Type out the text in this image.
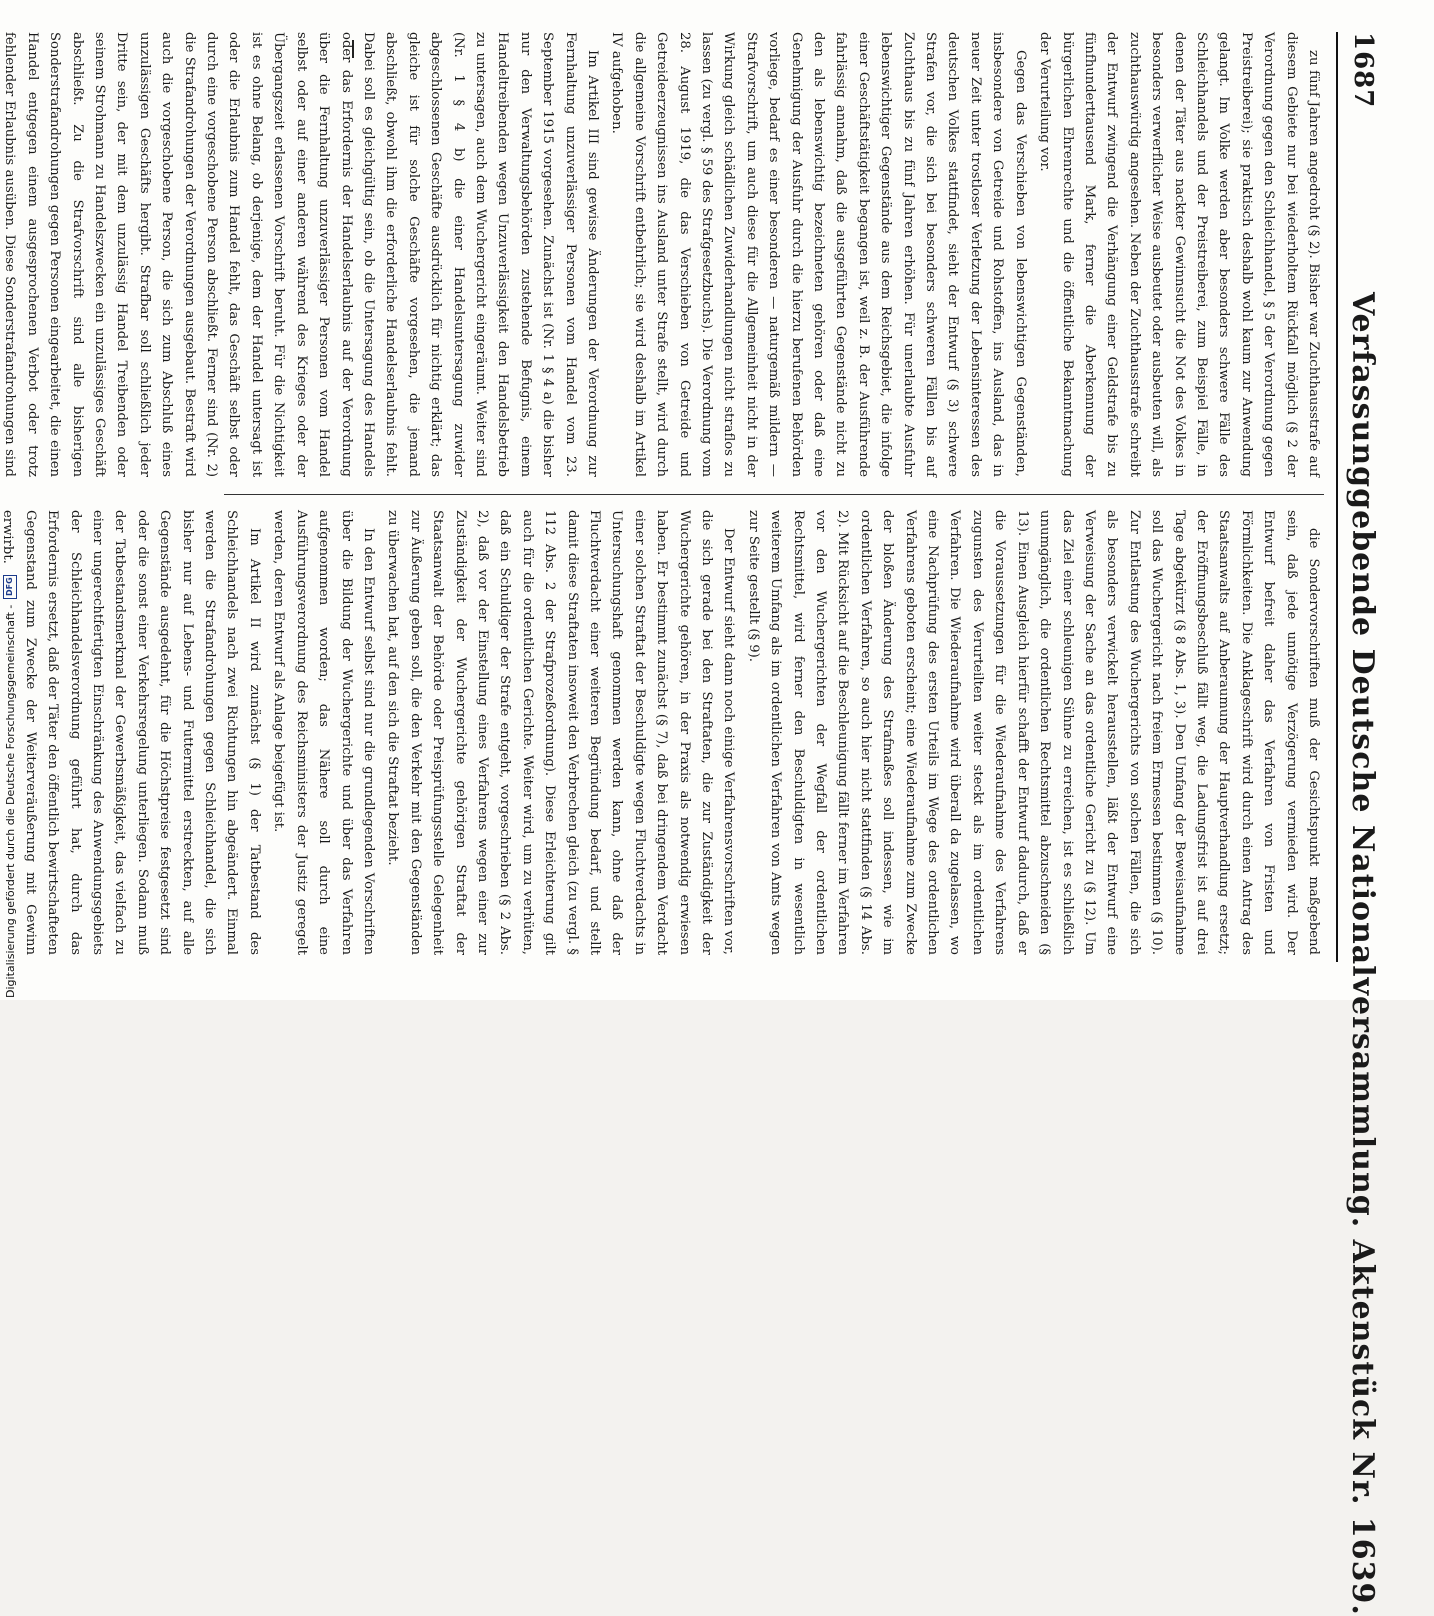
1687
Verfassunggebende Deutsche Nationalversammlung. Aktenstück Nr. 1639.

zu fünf Jahren angedroht (§ 2). Bisher war Zuchthausstrafe auf diesem Gebiete nur bei wiederholtem Rückfall möglich (§ 2 der Verordnung gegen den Schleichhandel, § 5 der Verordnung gegen Preistreiberei); sie praktisch deshalb wohl kaum zur Anwendung gelangt. Im Volke werden aber besonders schwere Fälle des Schleichhandels und der Preistreiberei, zum Beispiel Fälle, in denen der Täter aus nackter Gewinnsucht die Not des Volkes in besonders verwerflicher Weise ausbeutet oder ausbeuten will, als zuchthauswürdig angesehen. Neben der Zuchthausstrafe schreibt der Entwurf zwingend die Verhängung einer Geldstrafe bis zu fünfhunderttausend Mark, ferner die Aberkennung der bürgerlichen Ehrenrechte und die öffentliche Bekanntmachung der Verurteilung vor.

Gegen das Verschieben von lebenswichtigen Gegenständen, insbesondere von Getreide und Rohstoffen, ins Ausland, das in neuer Zeit unter trostloser Verletzung der Lebensinteressen des deutschen Volkes stattfindet, sieht der Entwurf (§ 3) schwere Strafen vor, die sich bei besonders schweren Fällen bis auf Zuchthaus bis zu fünf Jahren erhöhen. Für unerlaubte Ausfuhr lebenswichtiger Gegenstände aus dem Reichsgebiet, die infolge einer Geschäftstätigkeit begangen ist, weil z. B. der Ausführende fahrlässig annahm, daß die ausgeführten Gegenstände nicht zu den als lebenswichtig bezeichneten gehören oder daß eine Genehmigung der Ausfuhr durch die hierzu berufenen Behörden vorliege, bedarf es einer besonderen — naturgemäß mildern — Strafvorschrift, um auch diese für die Allgemeinheit nicht in der Wirkung gleich schädlichen Zuwiderhandlungen nicht straflos zu lassen (zu vergl. § 59 des Strafgesetzbuchs). Die Verordnung vom 28. August 1919, die das Verschieben von Getreide und Getreideerzeugnissen ins Ausland unter Strafe stellt, wird durch die allgemeine Vorschrift entbehrlich; sie wird deshalb im Artikel IV aufgehoben.

Im Artikel III sind gewisse Änderungen der Verordnung zur Fernhaltung unzuverlässiger Personen vom Handel vom 23. September 1915 vorgesehen. Zunächst ist (Nr. 1 § 4 a) die bisher nur den Verwaltungsbehörden zustehende Befugnis, einem Handeltreibenden wegen Unzuverlässigkeit den Handelsbetrieb zu untersagen, auch dem Wuchergericht eingeräumt. Weiter sind (Nr. 1 § 4 b) die einer Handelsuntersagung zuwider abgeschlossenen Geschäfte ausdrücklich für nichtig erklärt; das gleiche ist für solche Geschäfte vorgesehen, die jemand abschließt, obwohl ihm die erforderliche Handelserlaubnis fehlt. Dabei soll es gleichgültig sein, ob die Untersagung des Handels oder das Erfordernis der Handelserlaubnis auf der Verordnung über die Fernhaltung unzuverlässiger Personen vom Handel selbst oder auf einer anderen während des Krieges oder der Übergangszeit erlassenen Vorschrift beruht. Für die Nichtigkeit ist es ohne Belang, ob derjenige, dem der Handel untersagt ist oder die Erlaubnis zum Handel fehlt, das Geschäft selbst oder durch eine vorgeschobene Person abschließt. Ferner sind (Nr. 2) die Strafandrohungen der Verordnungen ausgebaut. Bestraft wird auch die vorgeschobene Person, die sich zum Abschluß eines unzulässigen Geschäfts hergibt. Strafbar soll schließlich jeder Dritte sein, der mit dem unzulässig Handel Treibenden oder seinem Strohmann zu Handelszwecken ein unzulässiges Geschäft abschließt. Zu die Strafvorschrift sind alle bisherigen Sonderstrafandrohungen gegen Personen eingearbeitet, die einen Handel entgegen einem ausgesprochenen Verbot oder trotz fehlender Erlaubnis ausüben. Diese Sonderstrafandrohungen sind

die Sondervorschriften muß der Gesichtspunkt maßgebend sein, daß jede unnötige Verzögerung vermieden wird. Der Entwurf befreit daher das Verfahren von Fristen und Förmlichkeiten. Die Anklageschrift wird durch einen Antrag des Staatsanwalts auf Anberaumung der Hauptverhandlung ersetzt; der Eröffnungsbeschluß fällt weg, die Ladungsfrist ist auf drei Tage abgekürzt (§ 8 Abs. 1, 3). Den Umfang der Beweisaufnahme soll das Wuchergericht nach freiem Ermessen bestimmen (§ 10). Zur Entlastung des Wuchergerichts von solchen Fällen, die sich als besonders verwickelt herausstellen, läßt der Entwurf eine Verweisung der Sache an das ordentliche Gericht zu (§ 12). Um das Ziel einer schleunigen Sühne zu erreichen, ist es schließlich unumgänglich, die ordentlichen Rechtsmittel abzuschneiden (§ 13). Einen Ausgleich hierfür schafft der Entwurf dadurch, daß er die Voraussetzungen für die Wiederaufnahme des Verfahrens zugunsten des Verurteilten weiter steckt als im ordentlichen Verfahren. Die Wiederaufnahme wird überall da zugelassen, wo eine Nachprüfung des ersten Urteils im Wege des ordentlichen Verfahrens geboten erscheint; eine Wiederaufnahme zum Zwecke der bloßen Änderung des Strafmaßes soll indessen, wie im ordentlichen Verfahren, so auch hier nicht stattfinden (§ 14 Abs. 2). Mit Rücksicht auf die Beschleunigung fällt ferner im Verfahren vor den Wuchergerichten der Wegfall der ordentlichen Rechtsmittel, wird ferner den Beschuldigten in wesentlich weiterem Umfang als im ordentlichen Verfahren von Amts wegen zur Seite gestellt (§ 9).

Der Entwurf sieht dann noch einige Verfahrensvorschriften vor, die sich gerade bei den Straftaten, die zur Zuständigkeit der Wuchergerichte gehören, in der Praxis als notwendig erwiesen haben. Er bestimmt zunächst (§ 7), daß bei dringendem Verdacht einer solchen Straftat der Beschuldigte wegen Fluchtverdachts in Untersuchungshaft genommen werden kann, ohne daß der Fluchtverdacht einer weiteren Begründung bedarf, und stellt damit diese Straftaten insoweit den Verbrechen gleich (zu vergl. § 112 Abs. 2 der Strafprozeßordnung). Diese Erleichterung gilt auch für die ordentlichen Gerichte. Weiter wird, um zu verhüten, daß ein Schuldiger der Strafe entgeht, vorgeschrieben (§ 2 Abs. 2), daß vor der Einstellung eines Verfahrens wegen einer zur Zuständigkeit der Wuchergerichte gehörigen Straftat der Staatsanwalt der Behörde oder Preisprüfungsstelle Gelegenheit zur Äußerung geben soll, die den Verkehr mit den Gegenständen zu überwachen hat, auf den sich die Straftat bezieht.

In den Entwurf selbst sind nur die grundlegenden Vorschriften über die Bildung der Wuchergerichte und über das Verfahren aufgenommen worden; das Nähere soll durch eine Ausführungsverordnung des Reichsministers der Justiz geregelt werden, deren Entwurf als Anlage beigefügt ist.

Im Artikel II wird zunächst (§ 1) der Tatbestand des Schleichhandels nach zwei Richtungen hin abgeändert. Einmal werden die Strafandrohungen gegen Schleichhandel, die sich bisher nur auf Lebens- und Futtermittel erstreckten, auf alle Gegenstände ausgedehnt, für die Höchstpreise festgesetzt sind oder die sonst einer Verkehrsregelung unterliegen. Sodann muß der Tatbestandsmerkmal der Gewerbsmäßigkeit, das vielfach zu einer ungerechtfertigten Einschränkung des Anwendungsgebiets der Schleichhandelsverordnung geführt hat, durch das Erfordernis ersetzt, daß der Täter den öffentlich bewirtschafteten Gegenstand zum Zwecke der Weiterveräußerung mit Gewinn erwirbt.

Digitalisierung gefördert durch die Deutsche Forschungsgemeinschaft -
DFG
